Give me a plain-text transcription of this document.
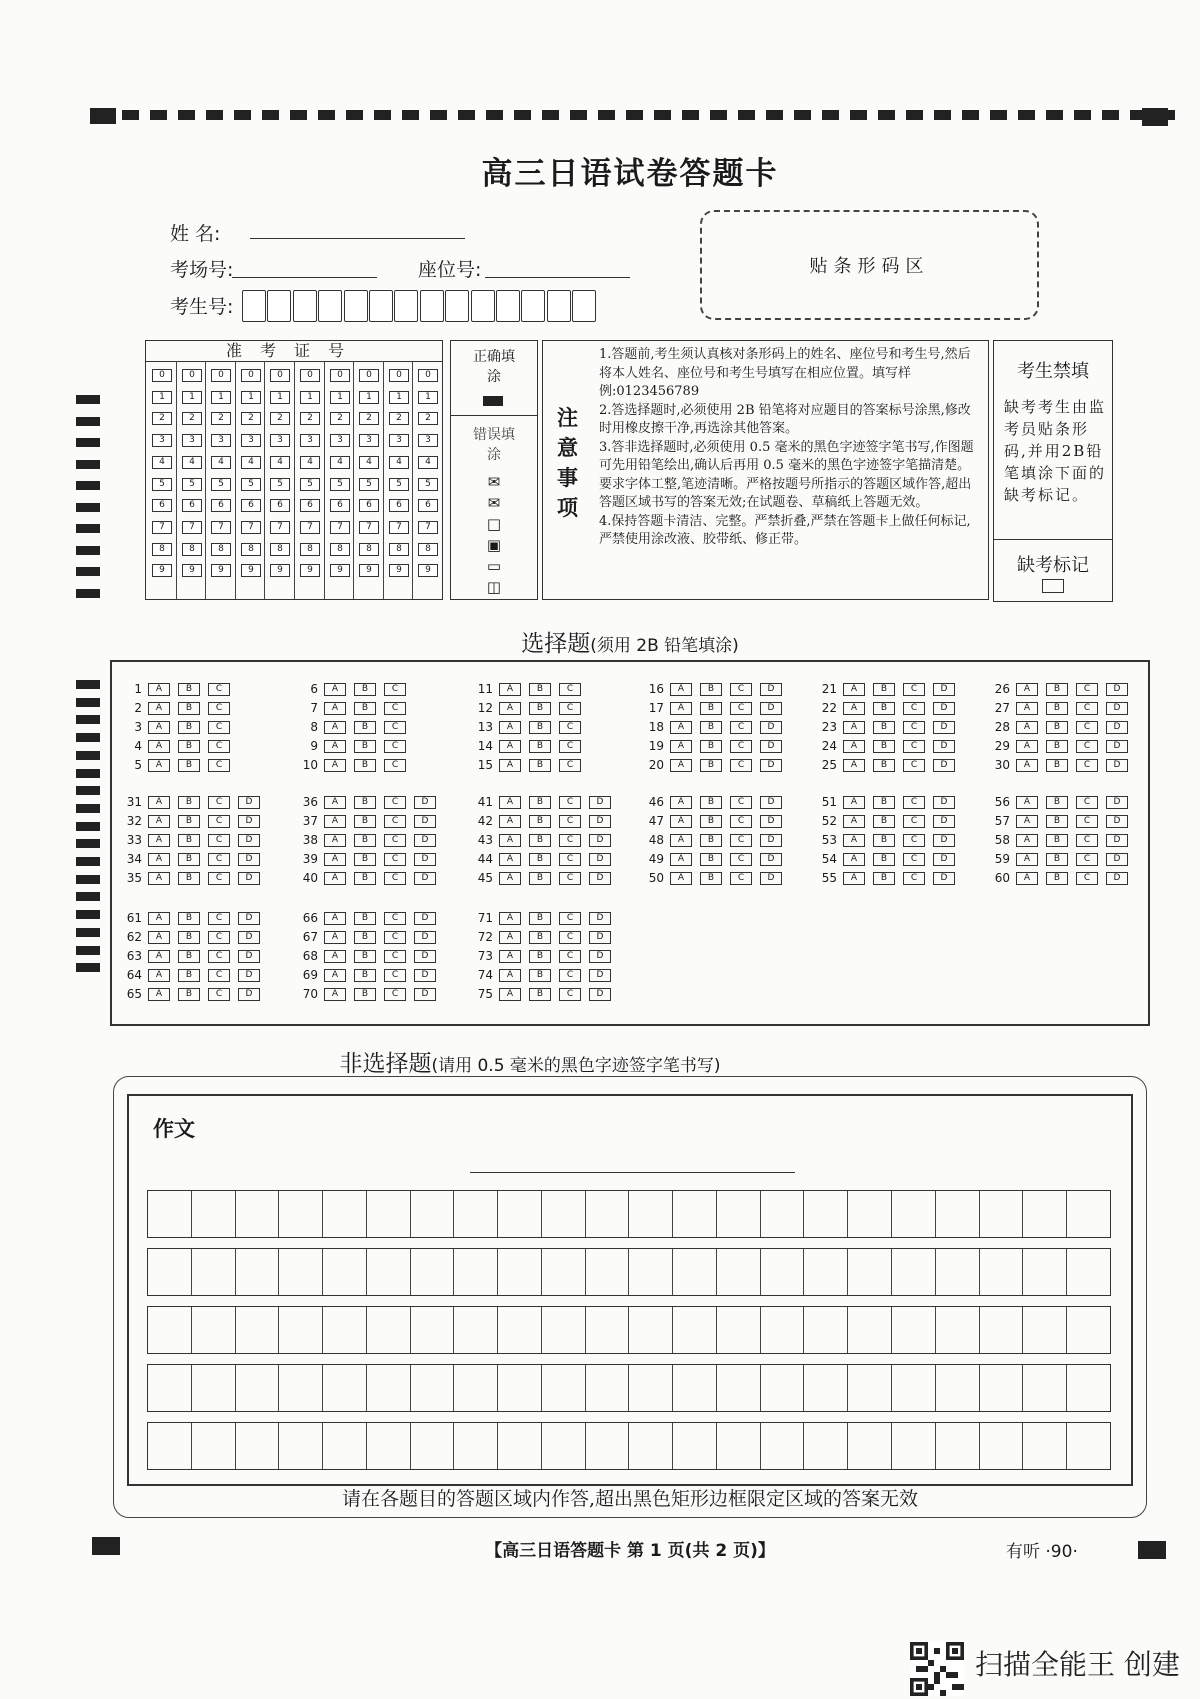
高三日语试卷答题卡
姓 名:
考场号:	座位号:
考生号:
贴条形码区
准考证号
0	0	0	0	0	0	0	0	0	0
1	1	1	1	1	1	1	1	1	1
2	2	2	2	2	2	2	2	2	2
3	3	3	3	3	3	3	3	3	3
4	4	4	4	4	4	4	4	4	4
5	5	5	5	5	5	5	5	5	5
6	6	6	6	6	6	6	6	6	6
7	7	7	7	7	7	7	7	7	7
8	8	8	8	8	8	8	8	8	8
9	9	9	9	9	9	9	9	9	9
正确填涂
错误填涂
✉
✉
□
▣
▭
◫
注意事项

1.答题前,考生须认真核对条形码上的姓名、座位号和考生号,然后将本人姓名、座位号和考生号填写在相应位置。填写样例:0123456789

2.答选择题时,必须使用 2B 铅笔将对应题目的答案标号涂黑,修改时用橡皮擦干净,再选涂其他答案。

3.答非选择题时,必须使用 0.5 毫米的黑色字迹签字笔书写,作图题可先用铅笔绘出,确认后再用 0.5 毫米的黑色字迹签字笔描清楚。要求字体工整,笔迹清晰。严格按题号所指示的答题区域作答,超出答题区域书写的答案无效;在试题卷、草稿纸上答题无效。

4.保持答题卡清洁、完整。严禁折叠,严禁在答题卡上做任何标记,严禁使用涂改液、胶带纸、修正带。

考生禁填
缺考考生由监考员贴条形码,并用2B铅笔填涂下面的缺考标记。
缺考标记
选择题(须用 2B 铅笔填涂)
1	A	B	C
2	A	B	C
3	A	B	C
4	A	B	C
5	A	B	C
6	A	B	C
7	A	B	C
8	A	B	C
9	A	B	C
10	A	B	C
11	A	B	C
12	A	B	C
13	A	B	C
14	A	B	C
15	A	B	C
16	A	B	C	D
17	A	B	C	D
18	A	B	C	D
19	A	B	C	D
20	A	B	C	D
21	A	B	C	D
22	A	B	C	D
23	A	B	C	D
24	A	B	C	D
25	A	B	C	D
26	A	B	C	D
27	A	B	C	D
28	A	B	C	D
29	A	B	C	D
30	A	B	C	D
31	A	B	C	D
32	A	B	C	D
33	A	B	C	D
34	A	B	C	D
35	A	B	C	D
36	A	B	C	D
37	A	B	C	D
38	A	B	C	D
39	A	B	C	D
40	A	B	C	D
41	A	B	C	D
42	A	B	C	D
43	A	B	C	D
44	A	B	C	D
45	A	B	C	D
46	A	B	C	D
47	A	B	C	D
48	A	B	C	D
49	A	B	C	D
50	A	B	C	D
51	A	B	C	D
52	A	B	C	D
53	A	B	C	D
54	A	B	C	D
55	A	B	C	D
56	A	B	C	D
57	A	B	C	D
58	A	B	C	D
59	A	B	C	D
60	A	B	C	D
61	A	B	C	D
62	A	B	C	D
63	A	B	C	D
64	A	B	C	D
65	A	B	C	D
66	A	B	C	D
67	A	B	C	D
68	A	B	C	D
69	A	B	C	D
70	A	B	C	D
71	A	B	C	D
72	A	B	C	D
73	A	B	C	D
74	A	B	C	D
75	A	B	C	D
非选择题(请用 0.5 毫米的黑色字迹签字笔书写)
作文
请在各题目的答题区域内作答,超出黑色矩形边框限定区域的答案无效
【高三日语答题卡 第 1 页(共 2 页)】	有听 ·90·
扫描全能王 创建
